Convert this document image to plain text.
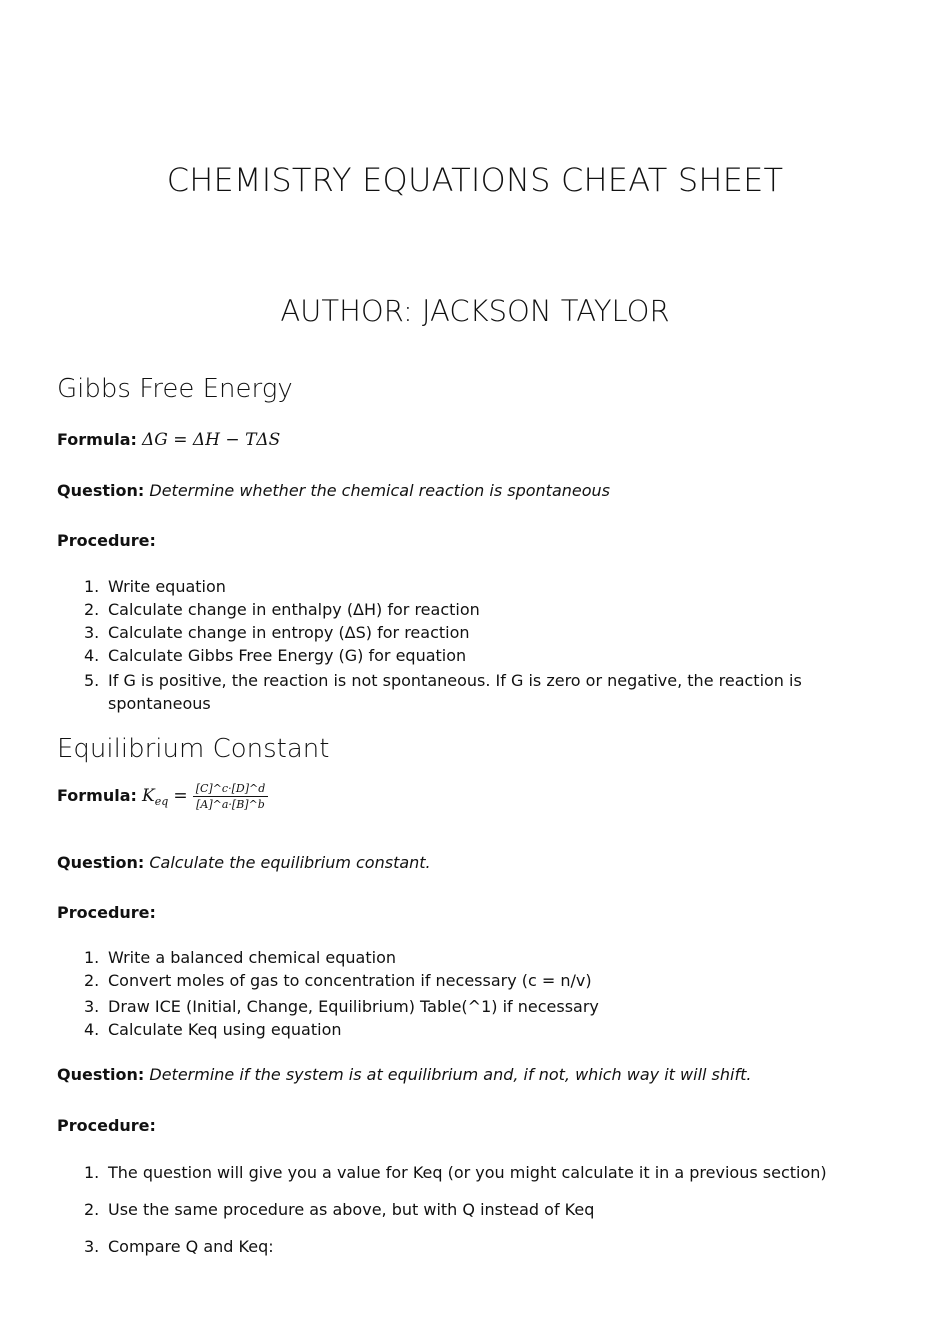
CHEMISTRY EQUATIONS CHEAT SHEET
AUTHOR: JACKSON TAYLOR
Gibbs Free Energy
Formula: ΔG = ΔH − TΔS
Question: Determine whether the chemical reaction is spontaneous
Procedure:
1. Write equation
2. Calculate change in enthalpy (ΔH) for reaction
3. Calculate change in entropy (ΔS) for reaction
4. Calculate Gibbs Free Energy (G) for equation
5. If G is positive, the reaction is not spontaneous. If G is zero or negative, the reaction is spontaneous
Equilibrium Constant
Formula: $K_{eq} = \frac{[C]\^{}c\cdot[D]\^{}d}{[A]\^{}a\cdot[B]\^{}b}$
Question: Calculate the equilibrium constant.
Procedure:
1. Write a balanced chemical equation
2. Convert moles of gas to concentration if necessary (c = n/v)
3. Draw ICE (Initial, Change, Equilibrium) Table(^1) if necessary
4. Calculate Keq using equation
Question: Determine if the system is at equilibrium and, if not, which way it will shift.
Procedure:
1. The question will give you a value for Keq (or you might calculate it in a previous section)
2. Use the same procedure as above, but with Q instead of Keq
3. Compare Q and Keq:
